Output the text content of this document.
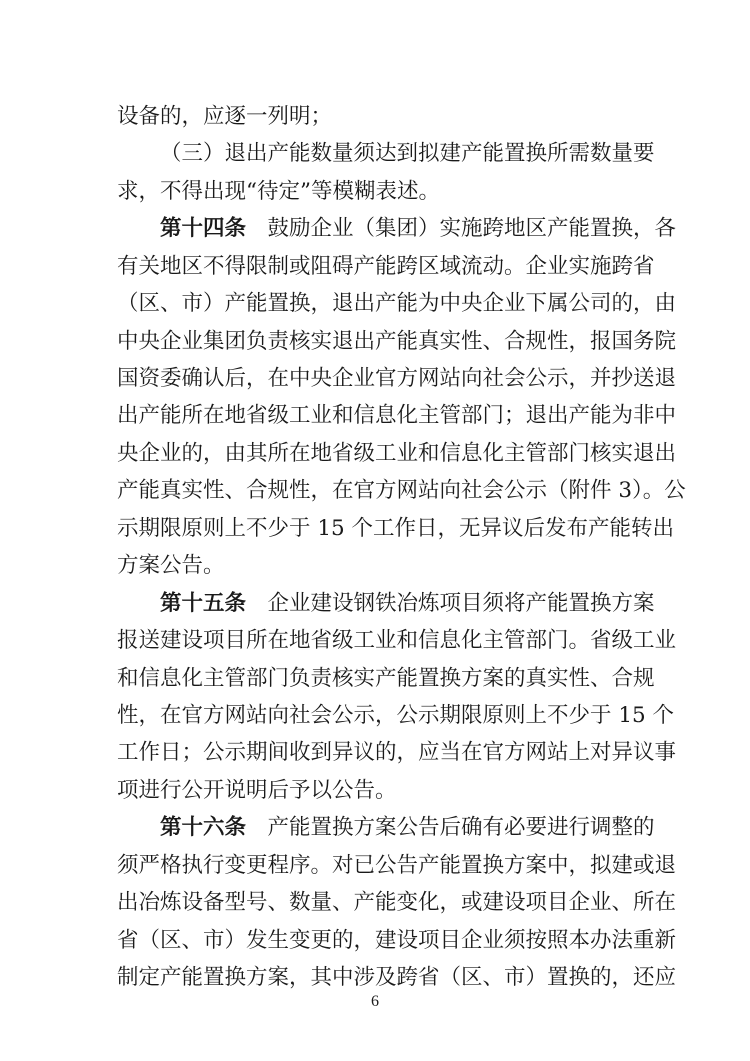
设备的，应逐一列明；
（三）退出产能数量须达到拟建产能置换所需数量要
求，不得出现“待定”等模糊表述。
第十四条　鼓励企业（集团）实施跨地区产能置换，各
有关地区不得限制或阻碍产能跨区域流动。企业实施跨省
（区、市）产能置换，退出产能为中央企业下属公司的，由
中央企业集团负责核实退出产能真实性、合规性，报国务院
国资委确认后，在中央企业官方网站向社会公示，并抄送退
出产能所在地省级工业和信息化主管部门；退出产能为非中
央企业的，由其所在地省级工业和信息化主管部门核实退出
产能真实性、合规性，在官方网站向社会公示（附件 3）。公
示期限原则上不少于 15 个工作日，无异议后发布产能转出
方案公告。
第十五条　企业建设钢铁冶炼项目须将产能置换方案
报送建设项目所在地省级工业和信息化主管部门。省级工业
和信息化主管部门负责核实产能置换方案的真实性、合规
性，在官方网站向社会公示，公示期限原则上不少于 15 个
工作日；公示期间收到异议的，应当在官方网站上对异议事
项进行公开说明后予以公告。
第十六条　产能置换方案公告后确有必要进行调整的
须严格执行变更程序。对已公告产能置换方案中，拟建或退
出冶炼设备型号、数量、产能变化，或建设项目企业、所在
省（区、市）发生变更的，建设项目企业须按照本办法重新
制定产能置换方案，其中涉及跨省（区、市）置换的，还应
6
